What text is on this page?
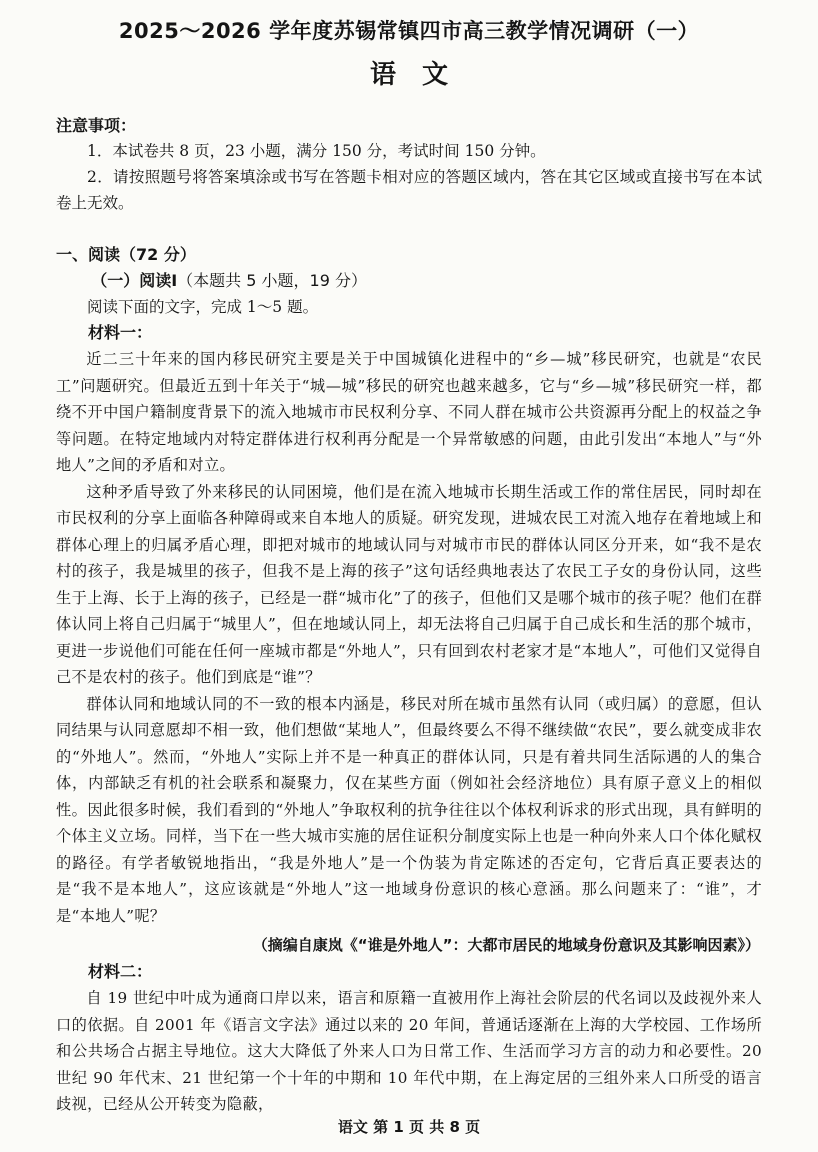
2025～2026 学年度苏锡常镇四市高三教学情况调研（一）
语文
注意事项：

1．本试卷共 8 页，23 小题，满分 150 分，考试时间 150 分钟。

2．请按照题号将答案填涂或书写在答题卡相对应的答题区域内，答在其它区域或直接书写在本试卷上无效。

一、阅读（72 分）
（一）阅读Ⅰ（本题共 5 小题，19 分）

阅读下面的文字，完成 1～5 题。

材料一：

近二三十年来的国内移民研究主要是关于中国城镇化进程中的“乡—城”移民研究，也就是“农民工”问题研究。但最近五到十年关于“城—城”移民的研究也越来越多，它与“乡—城”移民研究一样，都绕不开中国户籍制度背景下的流入地城市市民权利分享、不同人群在城市公共资源再分配上的权益之争等问题。在特定地域内对特定群体进行权利再分配是一个异常敏感的问题，由此引发出“本地人”与“外地人”之间的矛盾和对立。

这种矛盾导致了外来移民的认同困境，他们是在流入地城市长期生活或工作的常住居民，同时却在市民权利的分享上面临各种障碍或来自本地人的质疑。研究发现，进城农民工对流入地存在着地域上和群体心理上的归属矛盾心理，即把对城市的地域认同与对城市市民的群体认同区分开来，如“我不是农村的孩子，我是城里的孩子，但我不是上海的孩子”这句话经典地表达了农民工子女的身份认同，这些生于上海、长于上海的孩子，已经是一群“城市化”了的孩子，但他们又是哪个城市的孩子呢？他们在群体认同上将自己归属于“城里人”，但在地域认同上，却无法将自己归属于自己成长和生活的那个城市，更进一步说他们可能在任何一座城市都是“外地人”，只有回到农村老家才是“本地人”，可他们又觉得自己不是农村的孩子。他们到底是“谁”？

群体认同和地域认同的不一致的根本内涵是，移民对所在城市虽然有认同（或归属）的意愿，但认同结果与认同意愿却不相一致，他们想做“某地人”，但最终要么不得不继续做“农民”，要么就变成非农的“外地人”。然而，“外地人”实际上并不是一种真正的群体认同，只是有着共同生活际遇的人的集合体，内部缺乏有机的社会联系和凝聚力，仅在某些方面（例如社会经济地位）具有原子意义上的相似性。因此很多时候，我们看到的“外地人”争取权利的抗争往往以个体权利诉求的形式出现，具有鲜明的个体主义立场。同样，当下在一些大城市实施的居住证积分制度实际上也是一种向外来人口个体化赋权的路径。有学者敏锐地指出，“我是外地人”是一个伪装为肯定陈述的否定句，它背后真正要表达的是“我不是本地人”，这应该就是“外地人”这一地域身份意识的核心意涵。那么问题来了：“谁”，才是“本地人”呢？

（摘编自康岚《“谁是外地人”：大都市居民的地域身份意识及其影响因素》）
材料二：

自 19 世纪中叶成为通商口岸以来，语言和原籍一直被用作上海社会阶层的代名词以及歧视外来人口的依据。自 2001 年《语言文字法》通过以来的 20 年间，普通话逐渐在上海的大学校园、工作场所和公共场合占据主导地位。这大大降低了外来人口为日常工作、生活而学习方言的动力和必要性。20 世纪 90 年代末、21 世纪第一个十年的中期和 10 年代中期，在上海定居的三组外来人口所受的语言歧视，已经从公开转变为隐蔽，

语文 第 1 页 共 8 页
